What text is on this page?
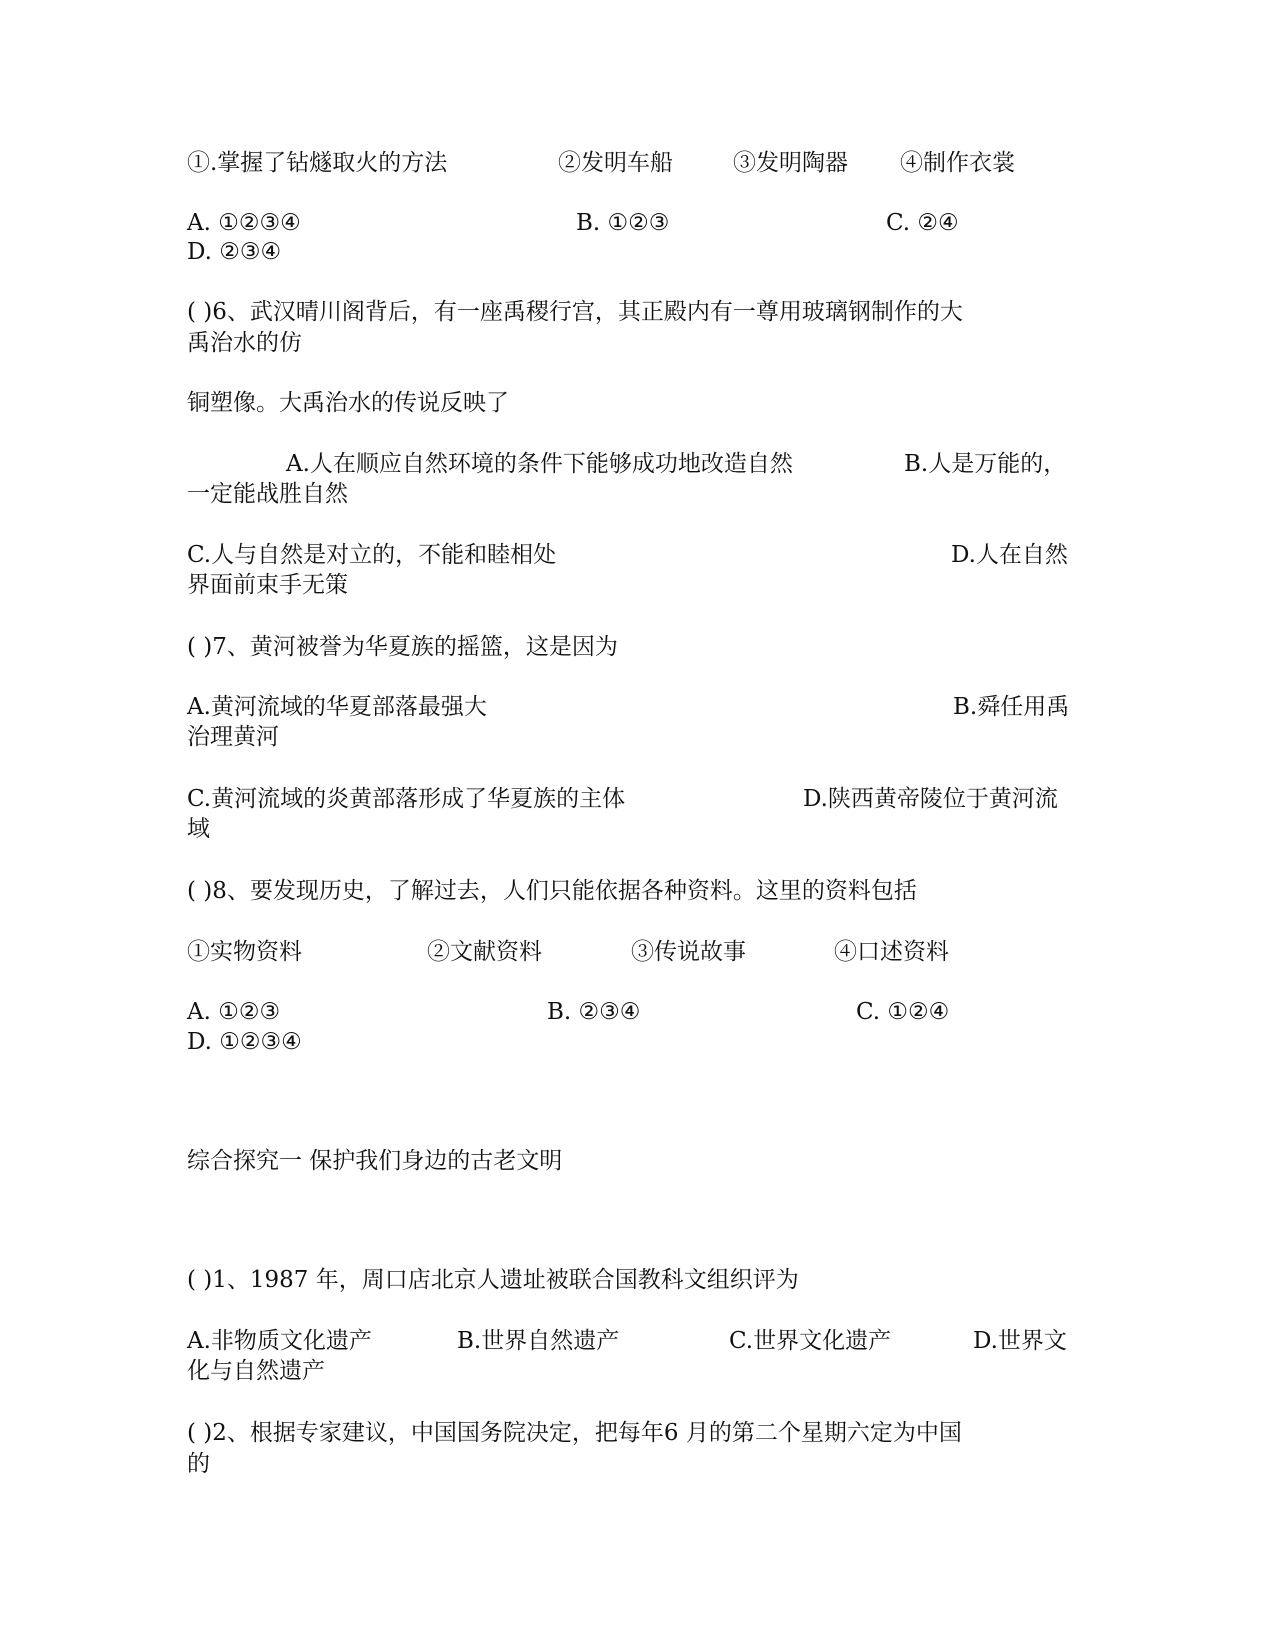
①.掌握了钻燧取火的方法	②发明车船	③发明陶器 ④制作衣裳
A. ①②③④	B. ①②③	C. ②④
D. ②③④
( )6、武汉晴川阁背后，有一座禹稷行宫，其正殿内有一尊用玻璃钢制作的大
禹治水的仿
铜塑像。大禹治水的传说反映了
A.人在顺应自然环境的条件下能够成功地改造自然	B.人是万能的，
一定能战胜自然
C.人与自然是对立的，不能和睦相处	D.人在自然
界面前束手无策
( )7、黄河被誉为华夏族的摇篮，这是因为
A.黄河流域的华夏部落最强大	B.舜任用禹
治理黄河
C.黄河流域的炎黄部落形成了华夏族的主体	D.陕西黄帝陵位于黄河流
域
( )8、要发现历史，了解过去，人们只能依据各种资料。这里的资料包括
①实物资料	②文献资料	③传说故事	④口述资料
A. ①②③	B. ②③④	C. ①②④
D. ①②③④
综合探究一 保护我们身边的古老文明
( )1、1987 年，周口店北京人遗址被联合国教科文组织评为
A.非物质文化遗产	B.世界自然遗产	C.世界文化遗产	D.世界文
化与自然遗产
( )2、根据专家建议，中国国务院决定，把每年6 月的第二个星期六定为中国
的
